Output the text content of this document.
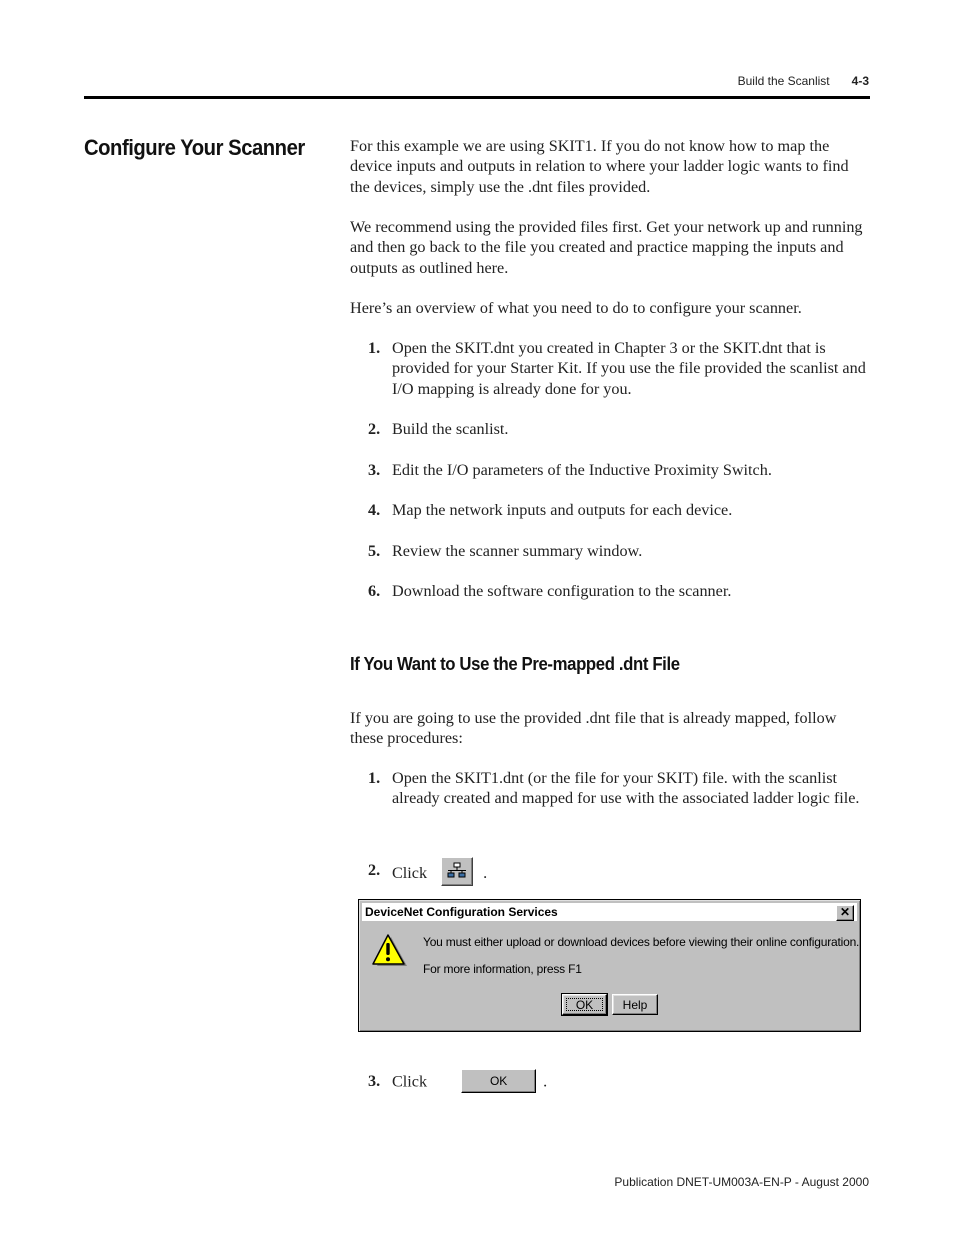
Build the Scanlist 4-3
Configure Your Scanner	For this example we are using SKIT1. If you do not know how to map the device inputs and outputs in relation to where your ladder logic wants to find the devices, simply use the .dnt files provided.

We recommend using the provided files first. Get your network up and running and then go back to the file you created and practice mapping the inputs and outputs as outlined here.

Here’s an overview of what you need to do to configure your scanner.

1. Open the SKIT.dnt you created in Chapter 3 or the SKIT.dnt that is provided for your Starter Kit. If you use the file provided the scanlist and I/O mapping is already done for you.
2. Build the scanlist.
3. Edit the I/O parameters of the Inductive Proximity Switch.
4. Map the network inputs and outputs for each device.
5. Review the scanner summary window.
6. Download the software configuration to the scanner.
If You Want to Use the Pre-mapped .dnt File

If you are going to use the provided .dnt file that is already mapped, follow these procedures:

1. Open the SKIT1.dnt (or the file for your SKIT) file. with the scanlist already created and mapped for use with the associated ladder logic file.
2. Click	.
DeviceNet Configuration Services	✕
You must either upload or download devices before viewing their online configuration.
For more information, press F1
OK	Help
3. Click	OK .
Publication DNET-UM003A-EN-P - August 2000
